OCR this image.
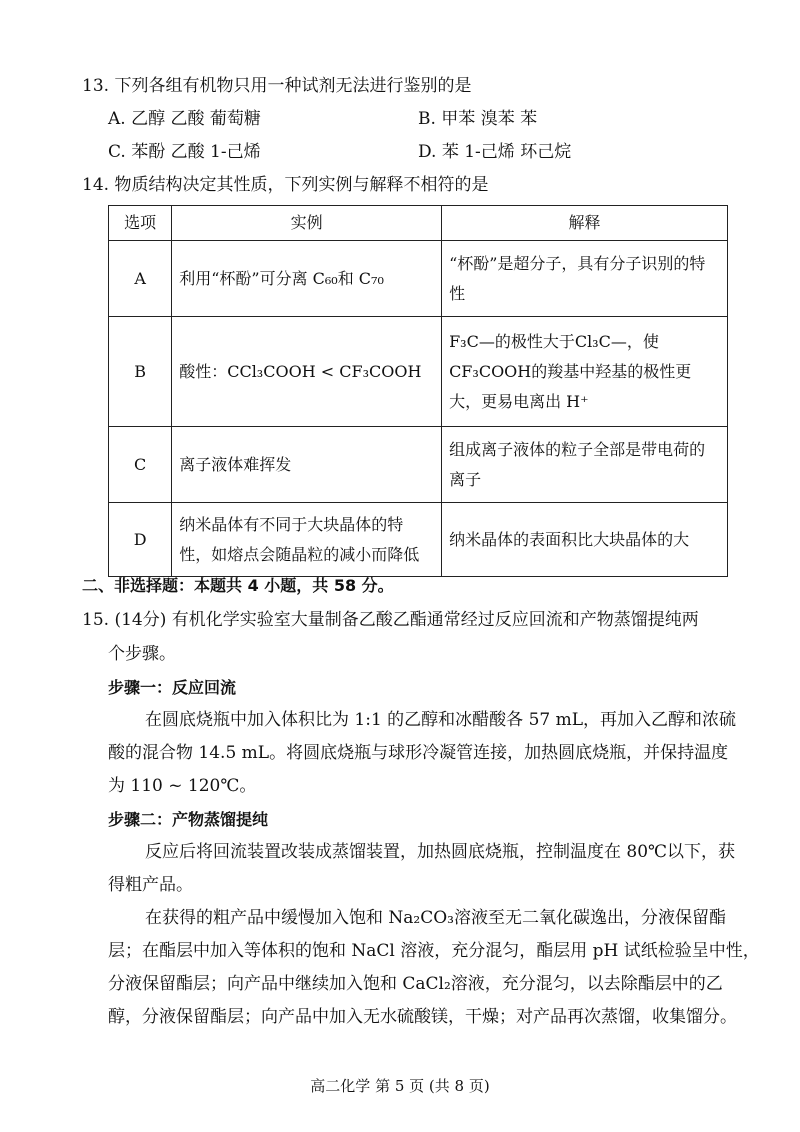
13. 下列各组有机物只用一种试剂无法进行鉴别的是
A. 乙醇 乙酸 葡萄糖	B. 甲苯 溴苯 苯
C. 苯酚 乙酸 1-己烯	D. 苯 1-己烯 环己烷
14. 物质结构决定其性质，下列实例与解释不相符的是
选项	实例	解释
A	利用“杯酚”可分离 C₆₀和 C₇₀	“杯酚”是超分子，具有分子识别的特性
B	酸性：CCl₃COOH < CF₃COOH	F₃C—的极性大于Cl₃C—，使CF₃COOH的羧基中羟基的极性更大，更易电离出 H⁺
C	离子液体难挥发	组成离子液体的粒子全部是带电荷的离子
D	纳米晶体有不同于大块晶体的特性，如熔点会随晶粒的减小而降低	纳米晶体的表面积比大块晶体的大
二、非选择题：本题共 4 小题，共 58 分。
15. (14分) 有机化学实验室大量制备乙酸乙酯通常经过反应回流和产物蒸馏提纯两
个步骤。
步骤一：反应回流
在圆底烧瓶中加入体积比为 1:1 的乙醇和冰醋酸各 57 mL，再加入乙醇和浓硫
酸的混合物 14.5 mL。将圆底烧瓶与球形冷凝管连接，加热圆底烧瓶，并保持温度
为 110 ~ 120℃。
步骤二：产物蒸馏提纯
反应后将回流装置改装成蒸馏装置，加热圆底烧瓶，控制温度在 80℃以下，获
得粗产品。
在获得的粗产品中缓慢加入饱和 Na₂CO₃溶液至无二氧化碳逸出，分液保留酯
层；在酯层中加入等体积的饱和 NaCl 溶液，充分混匀，酯层用 pH 试纸检验呈中性，
分液保留酯层；向产品中继续加入饱和 CaCl₂溶液，充分混匀，以去除酯层中的乙
醇，分液保留酯层；向产品中加入无水硫酸镁，干燥；对产品再次蒸馏，收集馏分。
高二化学 第 5 页 (共 8 页)
